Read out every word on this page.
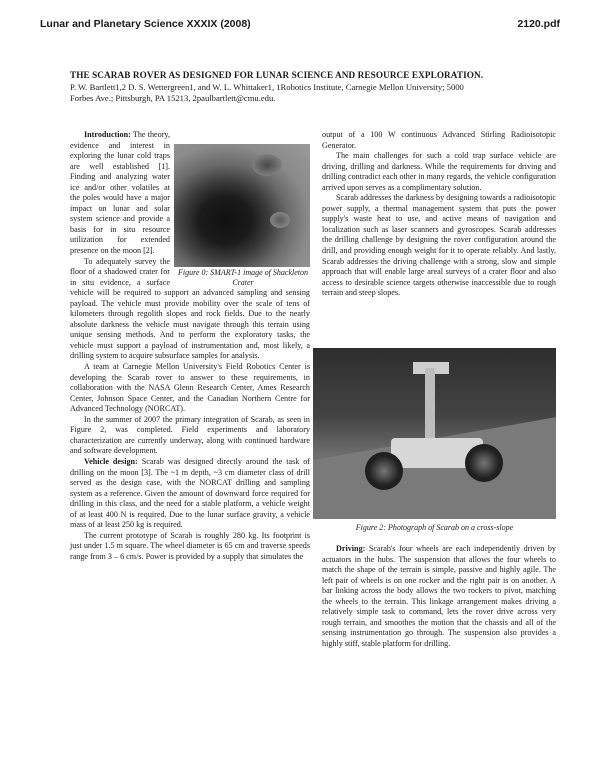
Lunar and Planetary Science XXXIX (2008)	2120.pdf
THE SCARAB ROVER AS DESIGNED FOR LUNAR SCIENCE AND RESOURCE EXPLORATION.
P. W. Bartlett1,2 D. S. Wettergreen1, and W. L. Whittaker1, 1Robotics Institute, Carnegie Mellon University; 5000
Forbes Ave.; Pittsburgh, PA 15213, 2paulbartlett@cmu.edu.
Figure 0: SMART-1 image of Shackleton Crater

Introduction: The theory, evidence and interest in exploring the lunar cold traps are well established [1]. Finding and analyzing water ice and/or other volatiles at the poles would have a major impact on lunar and solar system science and provide a basis for in situ resource utilization for extended presence on the moon [2].

To adequately survey the floor of a shadowed crater for in situ evidence, a surface vehicle will be required to support an advanced sampling and sensing payload. The vehicle must provide mobility over the scale of tens of kilometers through regolith slopes and rock fields. Due to the nearly absolute darkness the vehicle must navigate through this terrain using unique sensing methods. And to perform the exploratory tasks, the vehicle must support a payload of instrumentation and, most likely, a drilling system to acquire subsurface samples for analysis.

A team at Carnegie Mellon University's Field Robotics Center is developing the Scarab rover to answer to these requirements, in collaboration with the NASA Glenn Research Center, Ames Research Center, Johnson Space Center, and the Canadian Northern Centre for Advanced Technology (NORCAT).

In the summer of 2007 the primary integration of Scarab, as seen in Figure 2, was completed. Field experiments and laboratory characterization are currently underway, along with continued hardware and software development.

Vehicle design: Scarab was designed directly around the task of drilling on the moon [3]. The ~1 m depth, ~3 cm diameter class of drill served as the design case, with the NORCAT drilling and sampling system as a reference. Given the amount of downward force required for drilling in this class, and the need for a stable platform, a vehicle weight of at least 400 N is required. Due to the lunar surface gravity, a vehicle mass of at least 250 kg is required.

The current prototype of Scarab is roughly 280 kg. Its footprint is just under 1.5 m square. The wheel diameter is 65 cm and traverse speeds range from 3 – 6 cm/s. Power is provided by a supply that simulates the

output of a 100 W continuous Advanced Stirling Radioisotopic Generator.

The main challenges for such a cold trap surface vehicle are driving, drilling and darkness. While the requirements for driving and drilling contradict each other in many regards, the vehicle configuration arrived upon serves as a complimentary solution.

Scarab addresses the darkness by designing towards a radioisotopic power supply, a thermal management system that puts the power supply's waste heat to use, and active means of navigation and localization such as laser scanners and gyroscopes. Scarab addresses the drilling challenge by designing the rover configuration around the drill, and providing enough weight for it to operate reliably. And lastly, Scarab addresses the driving challenge with a strong, slow and simple approach that will enable large areal surveys of a crater floor and also access to desirable science targets otherwise inaccessible due to rough terrain and steep slopes.

Figure 2: Photograph of Scarab on a cross-slope

Driving: Scarab's four wheels are each independently driven by actuators in the hubs. The suspension that allows the four wheels to match the shape of the terrain is simple, passive and highly agile. The left pair of wheels is on one rocker and the right pair is on another. A bar linking across the body allows the two rockers to pivot, matching the wheels to the terrain. This linkage arrangement makes driving a relatively simple task to command, lets the rover drive across very rough terrain, and smoothes the motion that the chassis and all of the sensing instrumentation go through. The suspension also provides a highly stiff, stable platform for drilling.
